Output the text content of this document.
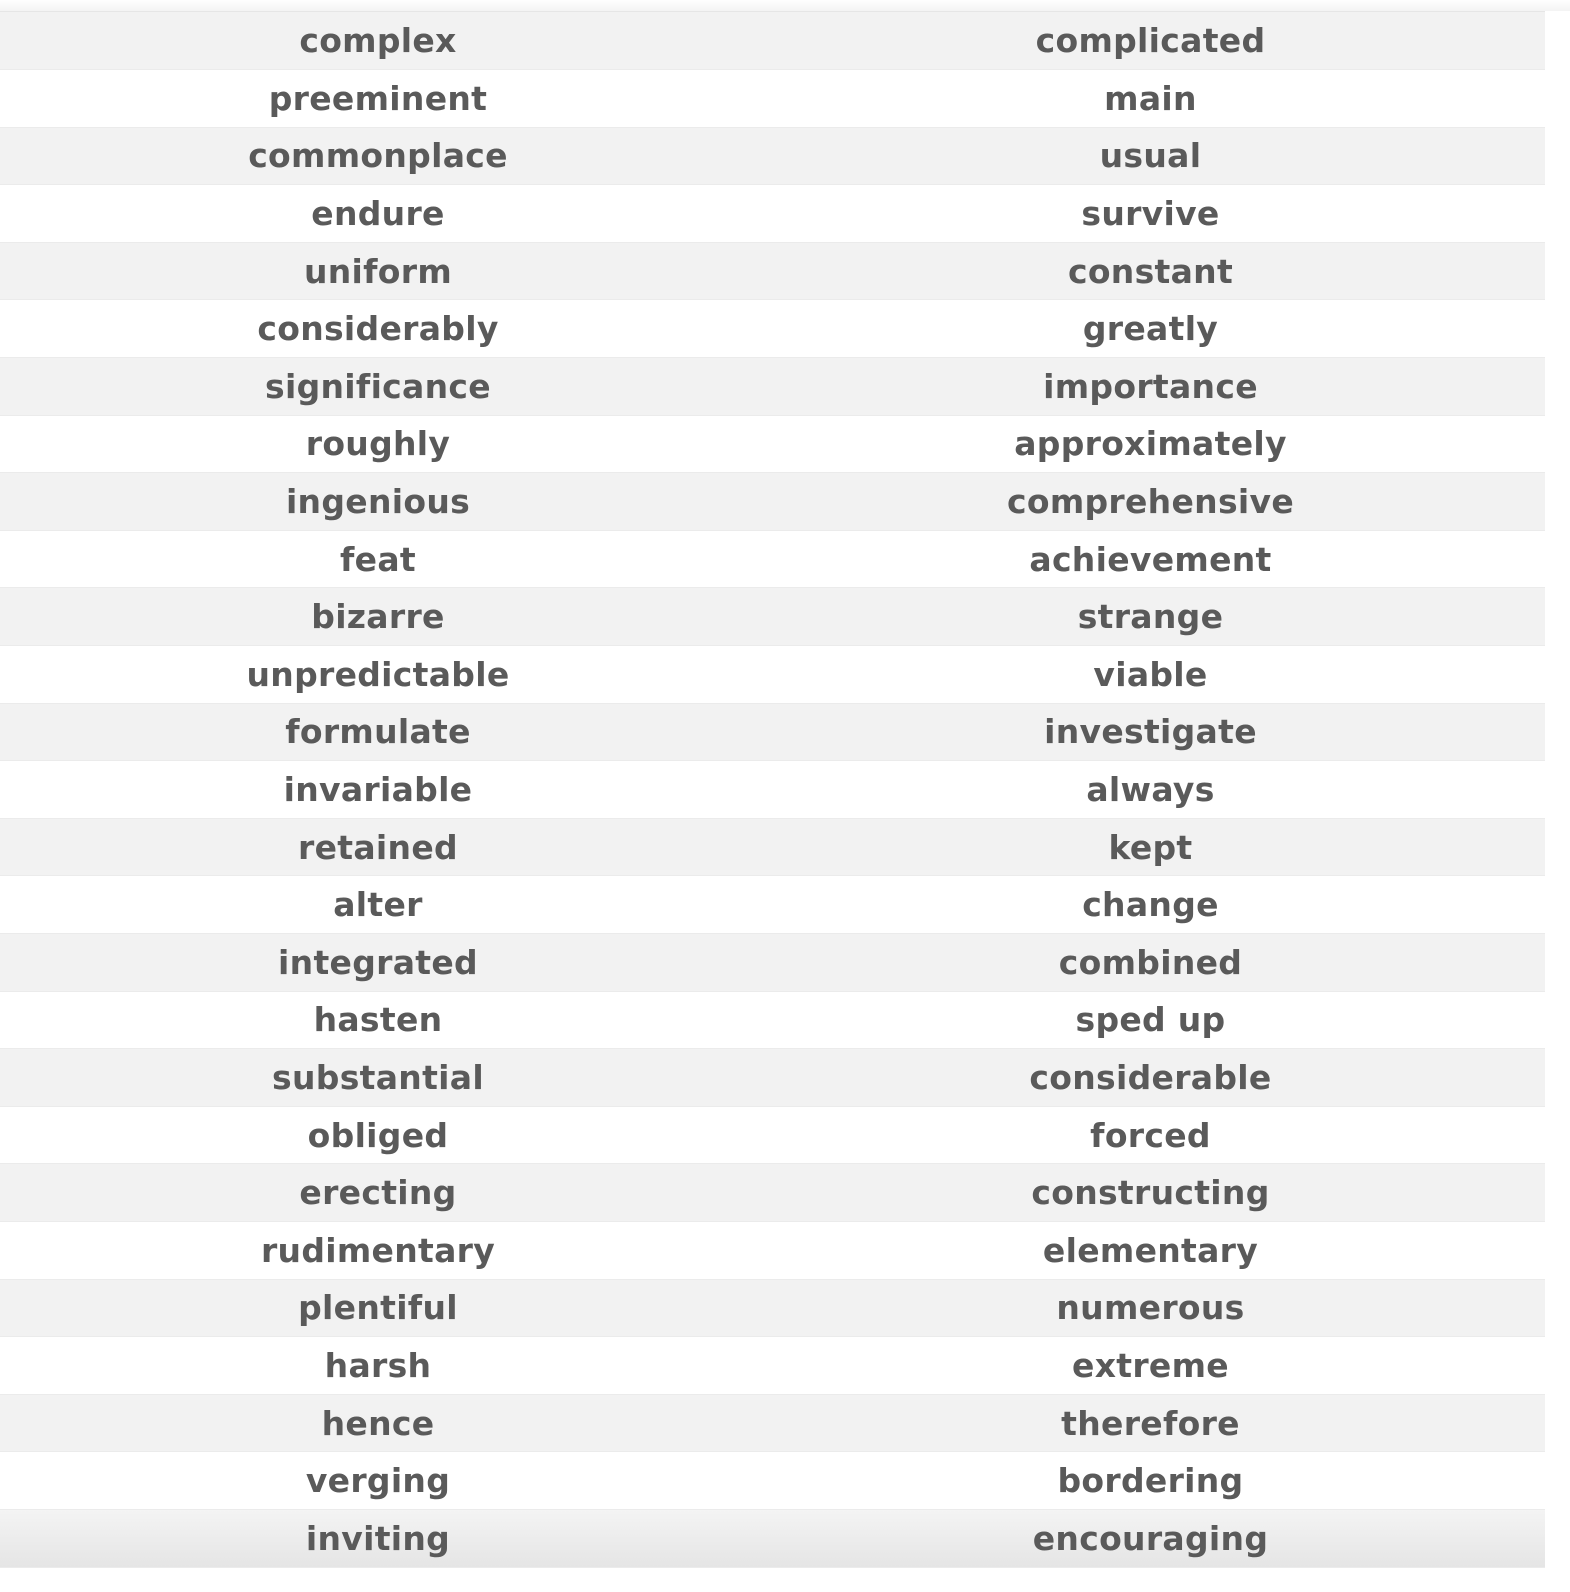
complex	complicated
preeminent	main
commonplace	usual
endure	survive
uniform	constant
considerably	greatly
significance	importance
roughly	approximately
ingenious	comprehensive
feat	achievement
bizarre	strange
unpredictable	viable
formulate	investigate
invariable	always
retained	kept
alter	change
integrated	combined
hasten	sped up
substantial	considerable
obliged	forced
erecting	constructing
rudimentary	elementary
plentiful	numerous
harsh	extreme
hence	therefore
verging	bordering
inviting	encouraging
